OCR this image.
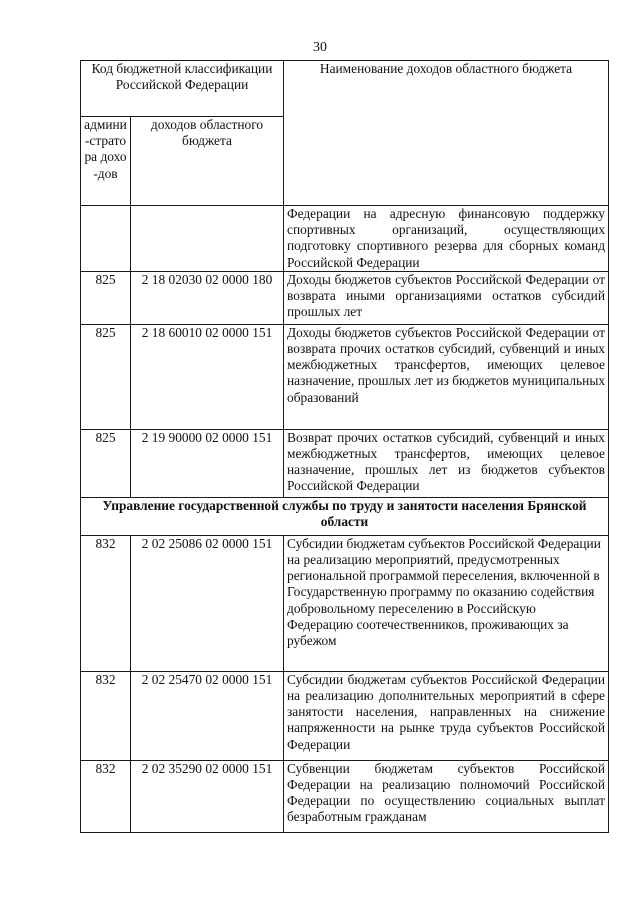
30
Код бюджетной классификации Российской Федерации		Наименование доходов областного бюджета
админи-стратора дохо-дов	доходов областного бюджета	
		Федерации на адресную финансовую поддержку спортивных организаций, осуществляющих подготовку спортивного резерва для сборных команд Российской Федерации
825	2 18 02030 02 0000 180	Доходы бюджетов субъектов Российской Федерации от возврата иными организациями остатков субсидий прошлых лет
825	2 18 60010 02 0000 151	Доходы бюджетов субъектов Российской Федерации от возврата прочих остатков субсидий, субвенций и иных межбюджетных трансфертов, имеющих целевое назначение, прошлых лет из бюджетов муниципальных образований
825	2 19 90000 02 0000 151	Возврат прочих остатков субсидий, субвенций и иных межбюджетных трансфертов, имеющих целевое назначение, прошлых лет из бюджетов субъектов Российской Федерации
Управление государственной службы по труду и занятости населения Брянской области		
832	2 02 25086 02 0000 151	Субсидии бюджетам субъектов Российской Федерации на реализацию мероприятий, предусмотренных региональной программой переселения, включенной в Государственную программу по оказанию содействия добровольному переселению в Российскую Федерацию соотечественников, проживающих за рубежом
832	2 02 25470 02 0000 151	Субсидии бюджетам субъектов Российской Федерации на реализацию дополнительных мероприятий в сфере занятости населения, направленных на снижение напряженности на рынке труда субъектов Российской Федерации
832	2 02 35290 02 0000 151	Субвенции бюджетам субъектов Российской Федерации на реализацию полномочий Российской Федерации по осуществлению социальных выплат безработным гражданам
